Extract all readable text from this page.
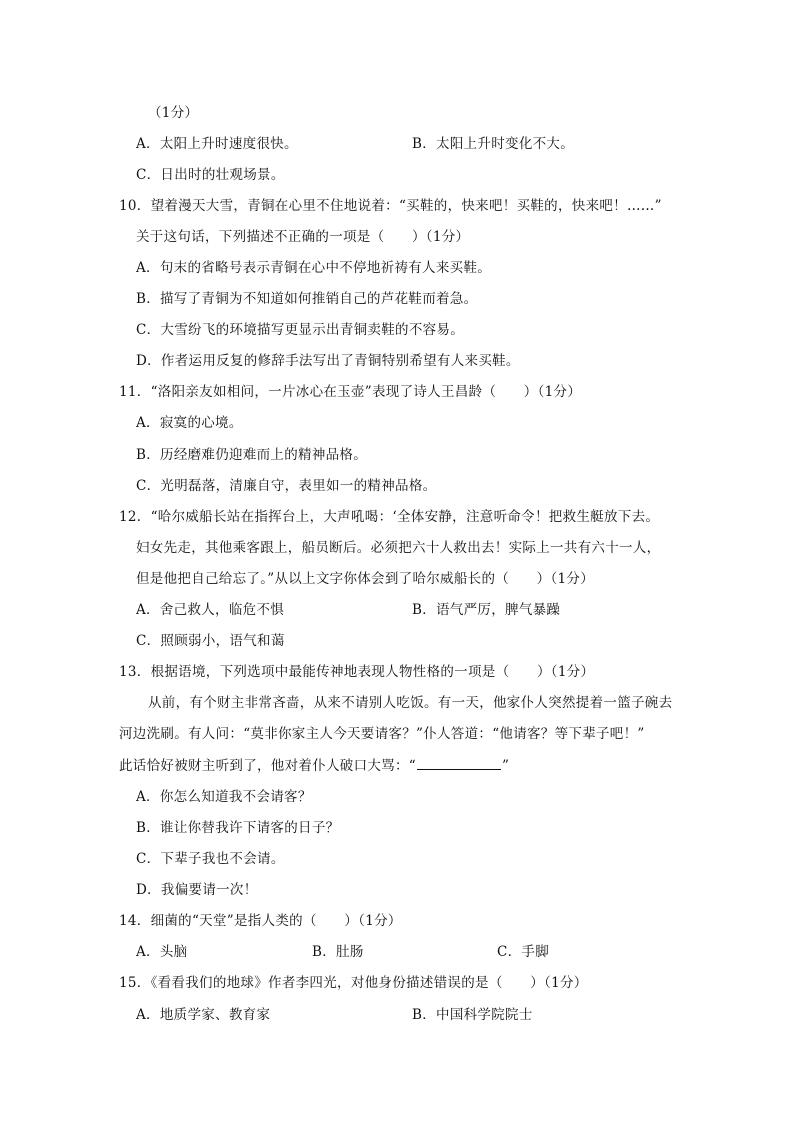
（1分）
A．太阳上升时速度很快。	B．太阳上升时变化不大。
C．日出时的壮观场景。
10．望着漫天大雪，青铜在心里不住地说着：“买鞋的，快来吧！买鞋的，快来吧！……”
关于这句话，下列描述不正确的一项是（　　）（1分）
A．句末的省略号表示青铜在心中不停地祈祷有人来买鞋。
B．描写了青铜为不知道如何推销自己的芦花鞋而着急。
C．大雪纷飞的环境描写更显示出青铜卖鞋的不容易。
D．作者运用反复的修辞手法写出了青铜特别希望有人来买鞋。
11．“洛阳亲友如相问，一片冰心在玉壶”表现了诗人王昌龄（　　）（1分）
A．寂寞的心境。
B．历经磨难仍迎难而上的精神品格。
C．光明磊落，清廉自守，表里如一的精神品格。
12．“哈尔威船长站在指挥台上，大声吼喝：‘全体安静，注意听命令！把救生艇放下去。
妇女先走，其他乘客跟上，船员断后。必须把六十人救出去！实际上一共有六十一人，
但是他把自己给忘了。”从以上文字你体会到了哈尔威船长的（　　）（1分）
A．舍己救人，临危不惧	B．语气严厉，脾气暴躁
C．照顾弱小，语气和蔼
13．根据语境，下列选项中最能传神地表现人物性格的一项是（　　）（1分）
从前，有个财主非常吝啬，从来不请别人吃饭。有一天，他家仆人突然提着一篮子碗去
河边洗刷。有人问：“莫非你家主人今天要请客？”仆人答道：“他请客？等下辈子吧！”
此话恰好被财主听到了，他对着仆人破口大骂：“	”
A．你怎么知道我不会请客？
B．谁让你替我许下请客的日子？
C．下辈子我也不会请。
D．我偏要请一次！
14．细菌的“天堂”是指人类的（　　）（1分）
A．头脑	B．肚肠	C．手脚
15．《看看我们的地球》作者李四光，对他身份描述错误的是（　　）（1分）
A．地质学家、教育家	B．中国科学院院士
